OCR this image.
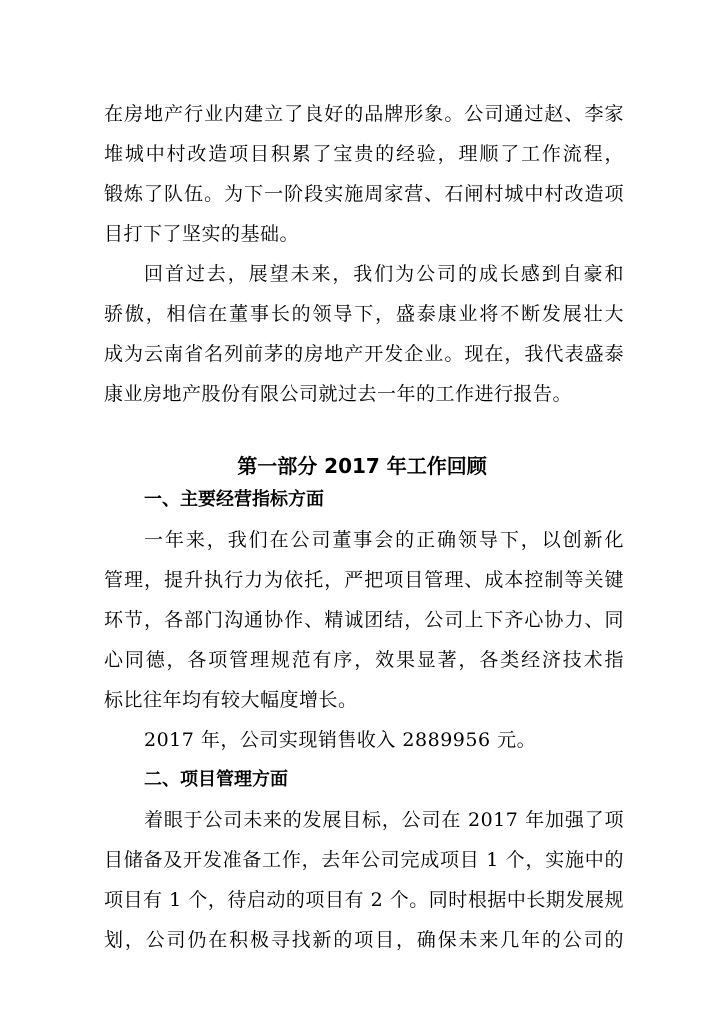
在房地产行业内建立了良好的品牌形象。公司通过赵、李家
堆城中村改造项目积累了宝贵的经验，理顺了工作流程，
锻炼了队伍。为下一阶段实施周家营、石闸村城中村改造项
目打下了坚实的基础。
回首过去，展望未来，我们为公司的成长感到自豪和
骄傲，相信在董事长的领导下，盛泰康业将不断发展壮大
成为云南省名列前茅的房地产开发企业。现在，我代表盛泰
康业房地产股份有限公司就过去一年的工作进行报告。
第一部分 2017 年工作回顾
一、主要经营指标方面
一年来，我们在公司董事会的正确领导下，以创新化
管理，提升执行力为依托，严把项目管理、成本控制等关键
环节，各部门沟通协作、精诚团结，公司上下齐心协力、同
心同德，各项管理规范有序，效果显著，各类经济技术指
标比往年均有较大幅度增长。
2017 年，公司实现销售收入 2889956 元。
二、项目管理方面
着眼于公司未来的发展目标，公司在 2017 年加强了项
目储备及开发准备工作，去年公司完成项目 1 个，实施中的
项目有 1 个，待启动的项目有 2 个。同时根据中长期发展规
划，公司仍在积极寻找新的项目，确保未来几年的公司的
